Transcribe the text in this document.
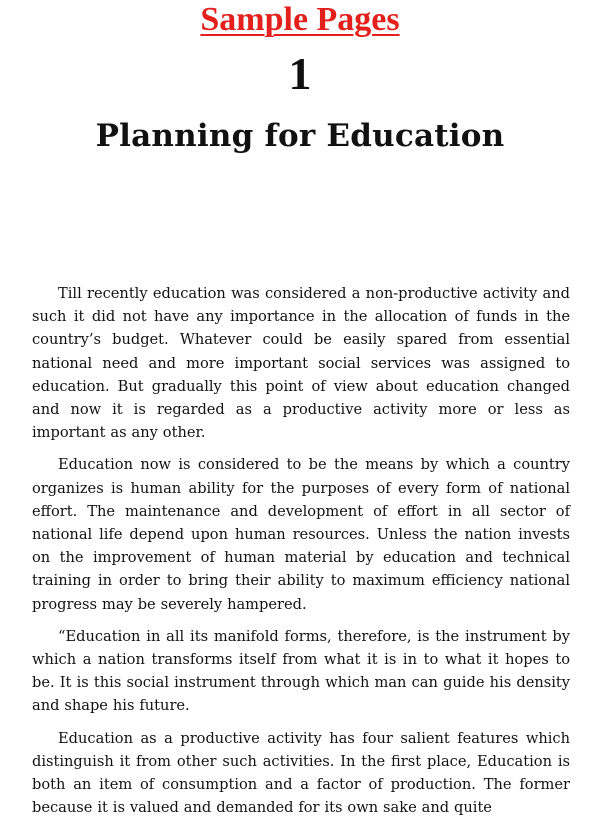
Sample Pages
1
Planning for Education

Till recently education was considered a non-productive activity and such it did not have any importance in the allocation of funds in the country’s budget. Whatever could be easily spared from essential national need and more important social services was assigned to education. But gradually this point of view about education changed and now it is regarded as a productive activity more or less as important as any other.

Education now is considered to be the means by which a country organizes is human ability for the purposes of every form of national effort. The maintenance and development of effort in all sector of national life depend upon human resources. Unless the nation invests on the improvement of human material by education and technical training in order to bring their ability to maximum efficiency national progress may be severely hampered.

“Education in all its manifold forms, therefore, is the instrument by which a nation transforms itself from what it is in to what it hopes to be. It is this social instrument through which man can guide his density and shape his future.

Education as a productive activity has four salient features which distinguish it from other such activities. In the first place, Education is both an item of consumption and a factor of production. The former because it is valued and demanded for its own sake and quite
